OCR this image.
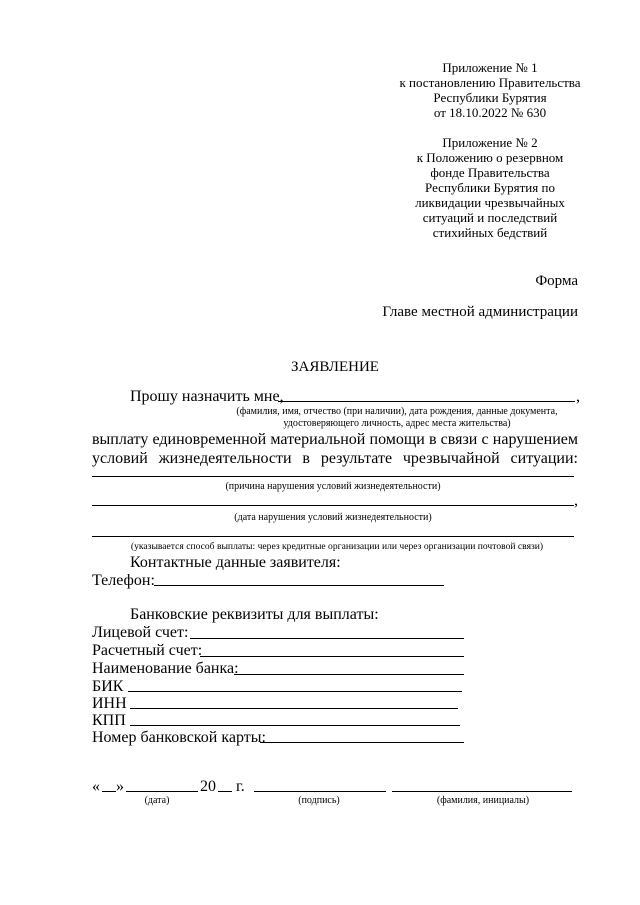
Приложение № 1
к постановлению Правительства
Республики Бурятия
от 18.10.2022 № 630
Приложение № 2
к Положению о резервном
фонде Правительства
Республики Бурятия по
ликвидации чрезвычайных
ситуаций и последствий
стихийных бедствий
Форма
Главе местной администрации
ЗАЯВЛЕНИЕ
Прошу назначить мне,	,
(фамилия, имя, отчество (при наличии), дата рождения, данные документа,
удостоверяющего личность, адрес места жительства)
выплату единовременной материальной помощи в связи с нарушением
условий жизнедеятельности в результате чрезвычайной ситуации:
(причина нарушения условий жизнедеятельности)
,
(дата нарушения условий жизнедеятельности)
(указывается способ выплаты: через кредитные организации или через организации почтовой связи)
Контактные данные заявителя:
Телефон:
Банковские реквизиты для выплаты:
Лицевой счет:
Расчетный счет:
Наименование банка:
БИК
ИНН
КПП
Номер банковской карты:
« »	20 г.
(дата)	(подпись)	(фамилия, инициалы)
